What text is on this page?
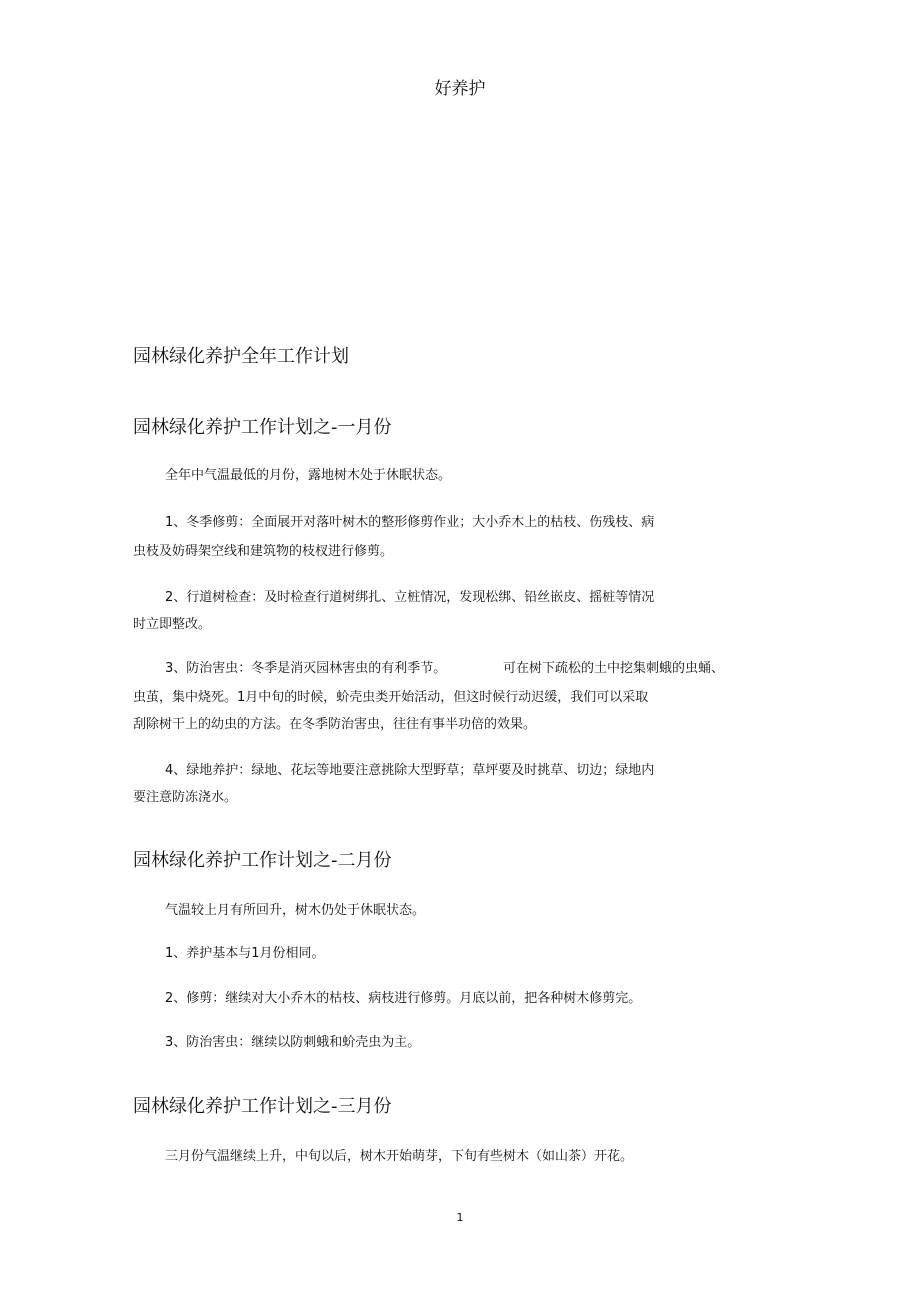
好养护
园林绿化养护全年工作计划
园林绿化养护工作计划之-一月份
全年中气温最低的月份，露地树木处于休眠状态。
1、冬季修剪：全面展开对落叶树木的整形修剪作业；大小乔木上的枯枝、伤残枝、病
虫枝及妨碍架空线和建筑物的枝杈进行修剪。
2、行道树检查：及时检查行道树绑扎、立桩情况，发现松绑、铅丝嵌皮、摇桩等情况
时立即整改。
3、防治害虫：冬季是消灭园林害虫的有利季节。	可在树下疏松的土中挖集刺蛾的虫蛹、
虫茧，集中烧死。1月中旬的时候，蚧壳虫类开始活动，但这时候行动迟缓，我们可以采取
刮除树干上的幼虫的方法。在冬季防治害虫，往往有事半功倍的效果。
4、绿地养护：绿地、花坛等地要注意挑除大型野草；草坪要及时挑草、切边；绿地内
要注意防冻浇水。
园林绿化养护工作计划之-二月份
气温较上月有所回升，树木仍处于休眠状态。
1、养护基本与1月份相同。
2、修剪：继续对大小乔木的枯枝、病枝进行修剪。月底以前，把各种树木修剪完。
3、防治害虫：继续以防刺蛾和蚧壳虫为主。
园林绿化养护工作计划之-三月份
三月份气温继续上升，中旬以后，树木开始萌芽，下旬有些树木（如山茶）开花。
1
